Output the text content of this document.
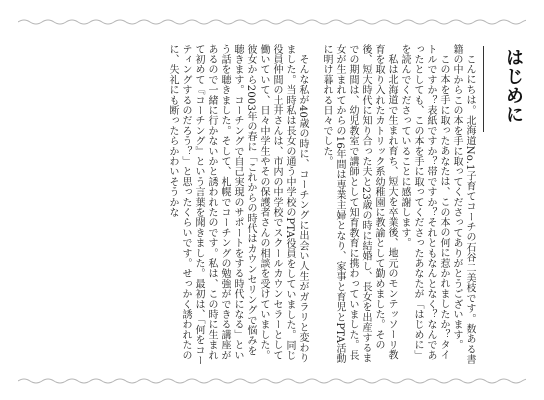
はじめに

こんにちは。北海道No.1子育てコーチの石谷二美枝です。数ある書籍の中からこの本を手に取ってくださってありがとうございます。

この本を手に取ったあなたは、この本の何に惹かれましたか？タイトルですか？表紙ですか？帯ですか？それともなんとなく？なんであったとしても、この本を手に取ってくださったあなたが「はじめに」を読んでくださっていることに感謝します。

私は北海道で生まれ育ち、短大を卒業後、地元のモンテッソーリ教育を取り入れたカトリック系幼稚園に教諭として勤めました。その後、短大時代に知り合った夫と23歳の時に結婚し、長女を出産するまでの期間は、幼児教室で講師として知育教育に携わっていました。長女が生まれてからの16年間は専業主婦となり、家事と育児とPTA活動に明け暮れる日々でした。

そんな私が40歳の時に、コーチングに出会い人生がガラリと変わりました。当時私は長女の通う中学校のPTA役員をしていました。同じ役員仲間の土井さんは、市内の中学校でスクールカウンセラーとして働いていて、日々中学生やその保護者さんの相談を受けていました。彼女から2003年の春に「これからの時代はカウンセリングで悩みを聴きます。コーチングで自己実現のサポートをする時代になる」という話を聴きました。そして、札幌でコーチングの勉強ができる講座があるので一緒に行かないかと誘われたのです。私は、この時に生まれて初めて『コーチング』という言葉を聞きました。最初は、「何をコーティングするのだろう？」と思ったくらいです。せっかく誘われたのに、失礼にも断ったらかわいそうかな
